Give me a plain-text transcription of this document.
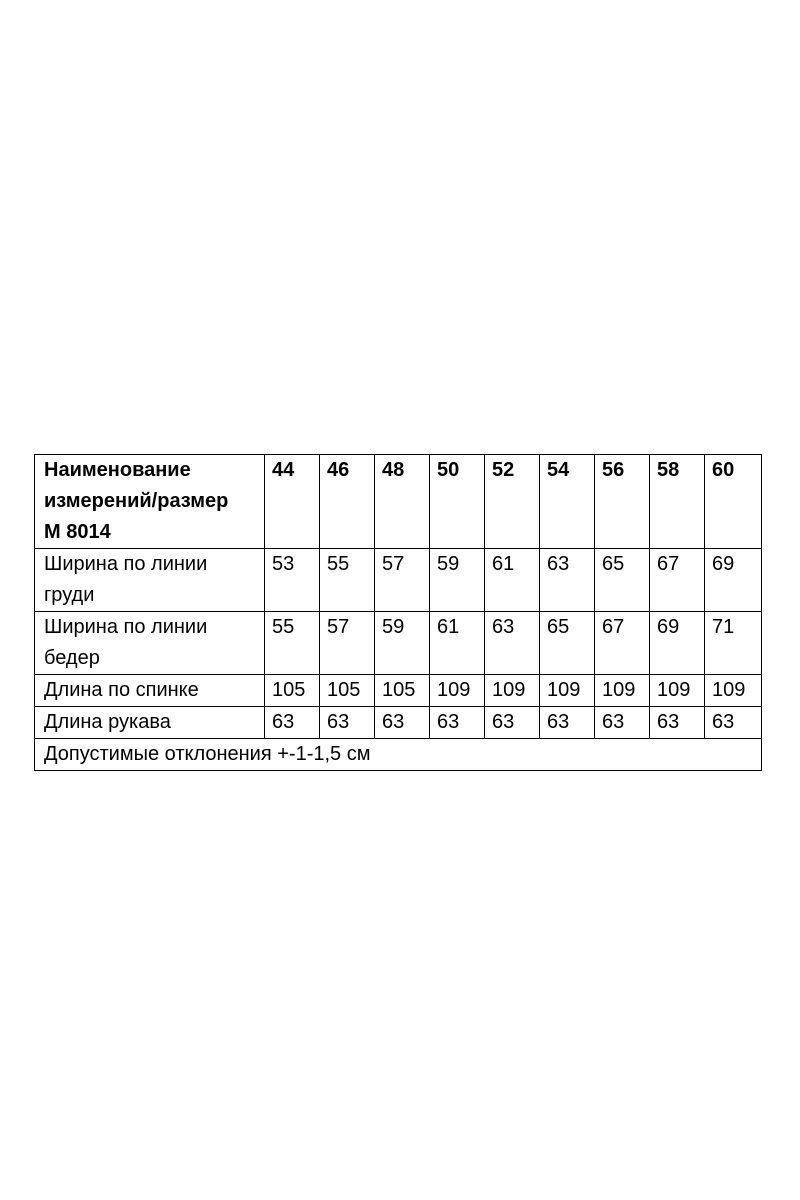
Наименование
измерений/размер
М 8014	44	46	48	50	52	54	56	58	60
Ширина по линии
груди	53	55	57	59	61	63	65	67	69
Ширина по линии
бедер	55	57	59	61	63	65	67	69	71
Длина по спинке	105	105	105	109	109	109	109	109	109
Длина рукава	63	63	63	63	63	63	63	63	63
Допустимые отклонения +-1-1,5 см									
